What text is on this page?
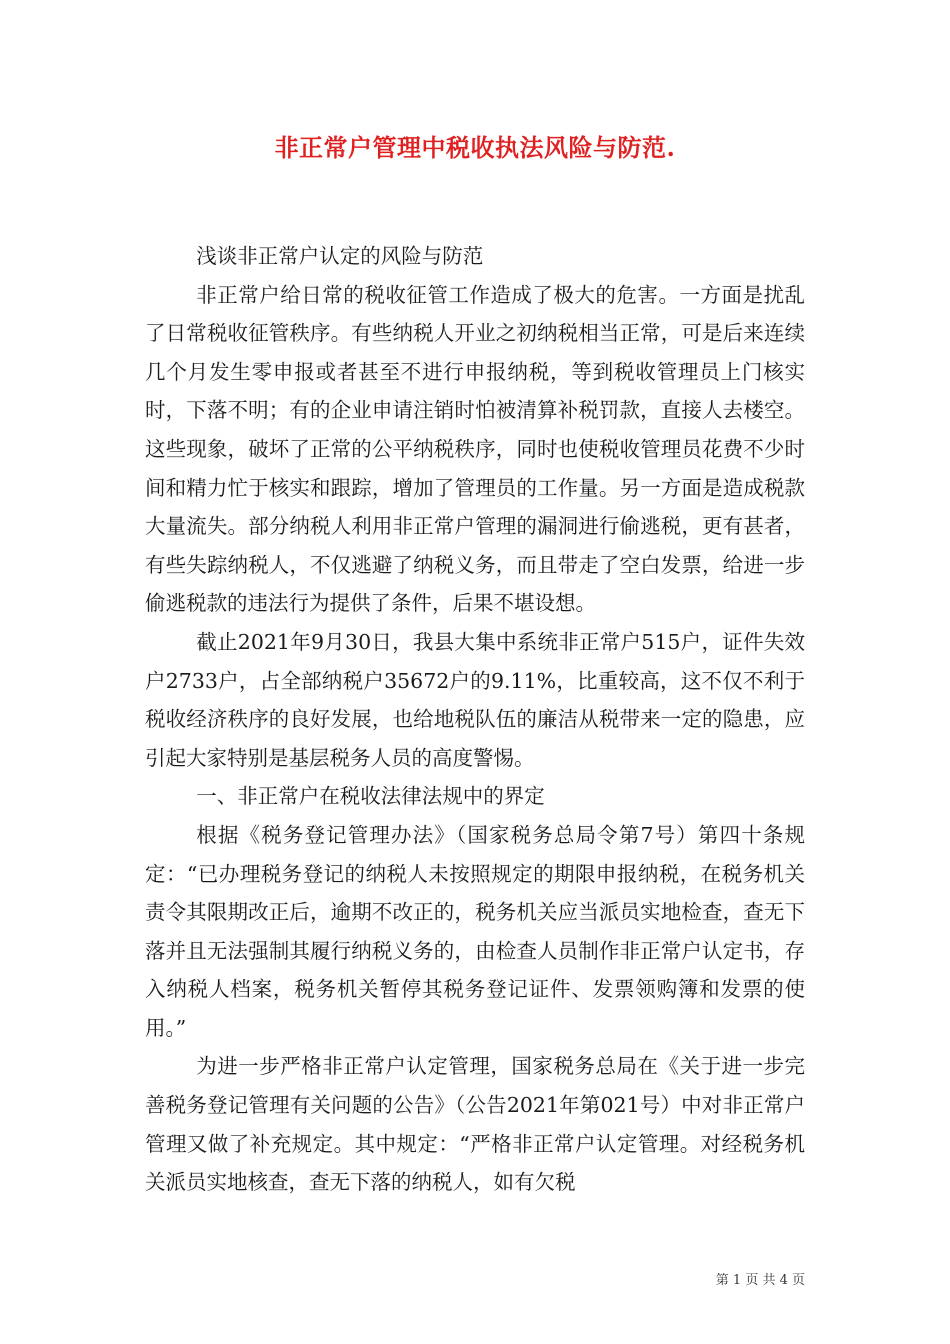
非正常户管理中税收执法风险与防范.

浅谈非正常户认定的风险与防范

非正常户给日常的税收征管工作造成了极大的危害。一方面是扰乱了日常税收征管秩序。有些纳税人开业之初纳税相当正常，可是后来连续几个月发生零申报或者甚至不进行申报纳税，等到税收管理员上门核实时，下落不明；有的企业申请注销时怕被清算补税罚款，直接人去楼空。这些现象，破坏了正常的公平纳税秩序，同时也使税收管理员花费不少时间和精力忙于核实和跟踪，增加了管理员的工作量。另一方面是造成税款大量流失。部分纳税人利用非正常户管理的漏洞进行偷逃税，更有甚者，有些失踪纳税人，不仅逃避了纳税义务，而且带走了空白发票，给进一步偷逃税款的违法行为提供了条件，后果不堪设想。

截止2021年9月30日，我县大集中系统非正常户515户，证件失效户2733户，占全部纳税户35672户的9.11%，比重较高，这不仅不利于税收经济秩序的良好发展，也给地税队伍的廉洁从税带来一定的隐患，应引起大家特别是基层税务人员的高度警惕。

一、非正常户在税收法律法规中的界定

根据《税务登记管理办法》（国家税务总局令第7号）第四十条规定：“已办理税务登记的纳税人未按照规定的期限申报纳税，在税务机关责令其限期改正后，逾期不改正的，税务机关应当派员实地检查，查无下落并且无法强制其履行纳税义务的，由检查人员制作非正常户认定书，存入纳税人档案，税务机关暂停其税务登记证件、发票领购簿和发票的使用。”

为进一步严格非正常户认定管理，国家税务总局在《关于进一步完善税务登记管理有关问题的公告》（公告2021年第021号）中对非正常户管理又做了补充规定。其中规定：“严格非正常户认定管理。对经税务机关派员实地核查，查无下落的纳税人，如有欠税

第 1 页 共 4 页
